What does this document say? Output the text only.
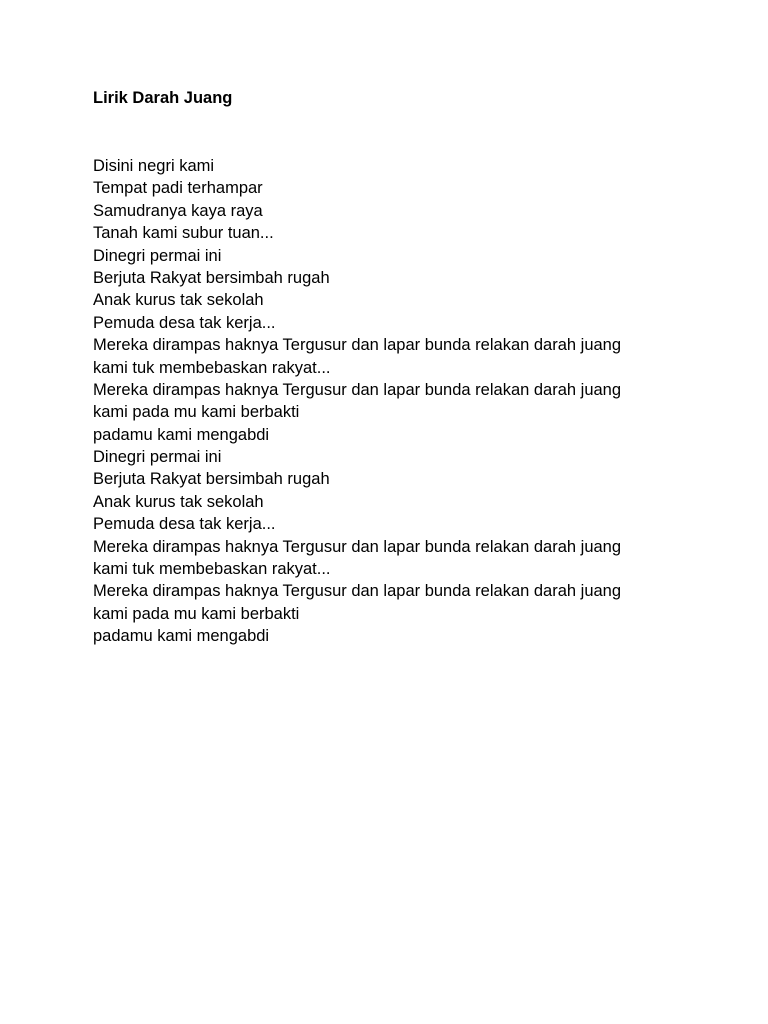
Lirik Darah Juang
Disini negri kami
Tempat padi terhampar
Samudranya kaya raya
Tanah kami subur tuan...
Dinegri permai ini
Berjuta Rakyat bersimbah rugah
Anak kurus tak sekolah
Pemuda desa tak kerja...
Mereka dirampas haknya Tergusur dan lapar bunda relakan darah juang
kami tuk membebaskan rakyat...
Mereka dirampas haknya Tergusur dan lapar bunda relakan darah juang
kami pada mu kami berbakti
padamu kami mengabdi
Dinegri permai ini
Berjuta Rakyat bersimbah rugah
Anak kurus tak sekolah
Pemuda desa tak kerja...
Mereka dirampas haknya Tergusur dan lapar bunda relakan darah juang
kami tuk membebaskan rakyat...
Mereka dirampas haknya Tergusur dan lapar bunda relakan darah juang
kami pada mu kami berbakti
padamu kami mengabdi
